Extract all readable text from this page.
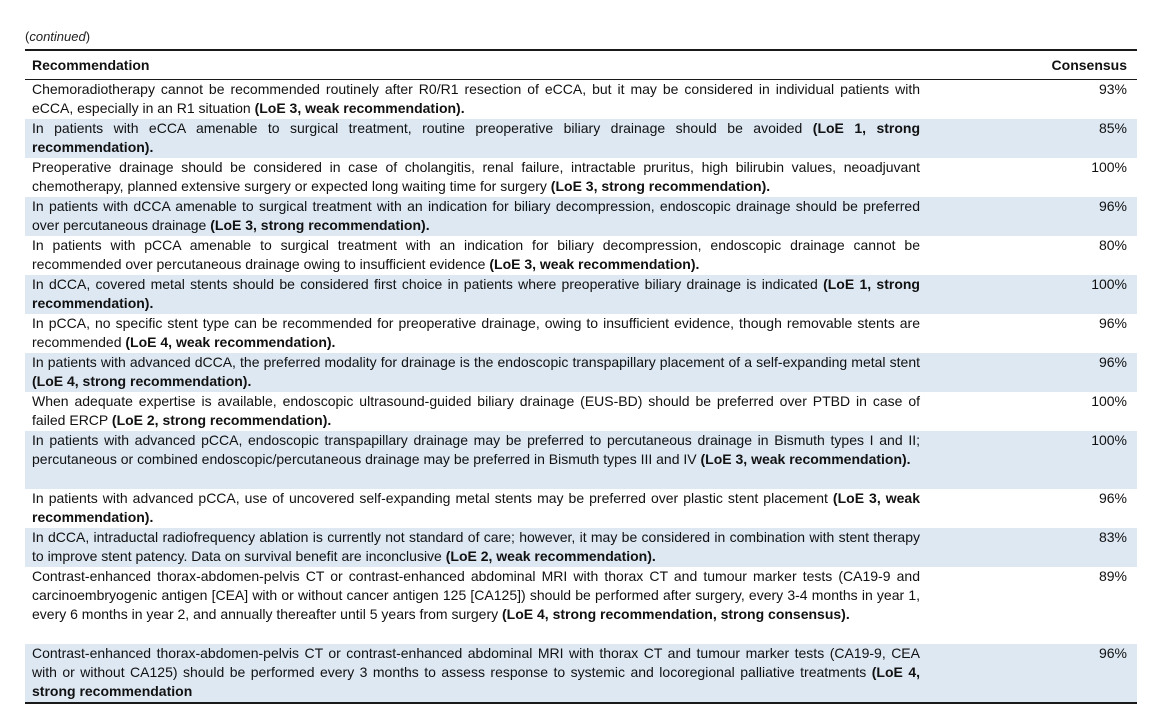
(continued)
Recommendation	Consensus
Chemoradiotherapy cannot be recommended routinely after R0/R1 resection of eCCA, but it may be considered in individual patients with eCCA, especially in an R1 situation (LoE 3, weak recommendation).
93%
In patients with eCCA amenable to surgical treatment, routine preoperative biliary drainage should be avoided (LoE 1, strong recommendation).
85%
Preoperative drainage should be considered in case of cholangitis, renal failure, intractable pruritus, high bilirubin values, neoadjuvant chemotherapy, planned extensive surgery or expected long waiting time for surgery (LoE 3, strong recommendation).
100%
In patients with dCCA amenable to surgical treatment with an indication for biliary decompression, endoscopic drainage should be preferred over percutaneous drainage (LoE 3, strong recommendation).
96%
In patients with pCCA amenable to surgical treatment with an indication for biliary decompression, endoscopic drainage cannot be recommended over percutaneous drainage owing to insufficient evidence (LoE 3, weak recommendation).
80%
In dCCA, covered metal stents should be considered first choice in patients where preoperative biliary drainage is indicated (LoE 1, strong recommendation).
100%
In pCCA, no specific stent type can be recommended for preoperative drainage, owing to insufficient evidence, though removable stents are recommended (LoE 4, weak recommendation).
96%
In patients with advanced dCCA, the preferred modality for drainage is the endoscopic transpapillary placement of a self-expanding metal stent (LoE 4, strong recommendation).
96%
When adequate expertise is available, endoscopic ultrasound-guided biliary drainage (EUS-BD) should be preferred over PTBD in case of failed ERCP (LoE 2, strong recommendation).
100%
In patients with advanced pCCA, endoscopic transpapillary drainage may be preferred to percutaneous drainage in Bismuth types I and II; percutaneous or combined endoscopic/percutaneous drainage may be preferred in Bismuth types III and IV (LoE 3, weak recommendation).
100%
In patients with advanced pCCA, use of uncovered self-expanding metal stents may be preferred over plastic stent placement (LoE 3, weak recommendation).
96%
In dCCA, intraductal radiofrequency ablation is currently not standard of care; however, it may be considered in combination with stent therapy to improve stent patency. Data on survival benefit are inconclusive (LoE 2, weak recommendation).
83%
Contrast-enhanced thorax-abdomen-pelvis CT or contrast-enhanced abdominal MRI with thorax CT and tumour marker tests (CA19-9 and carcinoembryogenic antigen [CEA] with or without cancer antigen 125 [CA125]) should be performed after surgery, every 3-4 months in year 1, every 6 months in year 2, and annually thereafter until 5 years from surgery (LoE 4, strong recommendation, strong consensus).
89%
Contrast-enhanced thorax-abdomen-pelvis CT or contrast-enhanced abdominal MRI with thorax CT and tumour marker tests (CA19-9, CEA with or without CA125) should be performed every 3 months to assess response to systemic and locoregional palliative treatments (LoE 4, strong recommendation
96%
